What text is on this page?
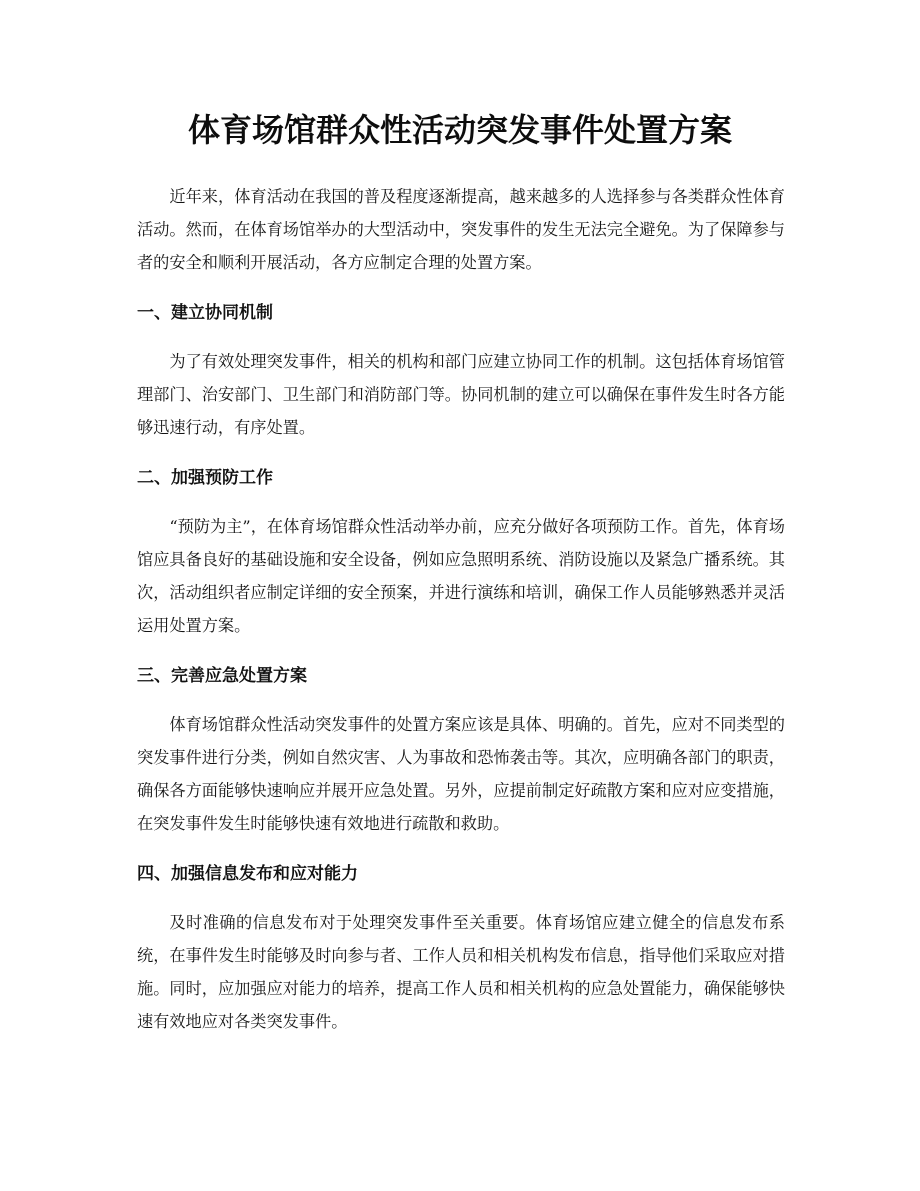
体育场馆群众性活动突发事件处置方案

近年来，体育活动在我国的普及程度逐渐提高，越来越多的人选择参与各类群众性体育活动。然而，在体育场馆举办的大型活动中，突发事件的发生无法完全避免。为了保障参与者的安全和顺利开展活动，各方应制定合理的处置方案。

一、建立协同机制

为了有效处理突发事件，相关的机构和部门应建立协同工作的机制。这包括体育场馆管理部门、治安部门、卫生部门和消防部门等。协同机制的建立可以确保在事件发生时各方能够迅速行动，有序处置。

二、加强预防工作

“预防为主”，在体育场馆群众性活动举办前，应充分做好各项预防工作。首先，体育场馆应具备良好的基础设施和安全设备，例如应急照明系统、消防设施以及紧急广播系统。其次，活动组织者应制定详细的安全预案，并进行演练和培训，确保工作人员能够熟悉并灵活运用处置方案。

三、完善应急处置方案

体育场馆群众性活动突发事件的处置方案应该是具体、明确的。首先，应对不同类型的突发事件进行分类，例如自然灾害、人为事故和恐怖袭击等。其次，应明确各部门的职责，确保各方面能够快速响应并展开应急处置。另外，应提前制定好疏散方案和应对应变措施，在突发事件发生时能够快速有效地进行疏散和救助。

四、加强信息发布和应对能力

及时准确的信息发布对于处理突发事件至关重要。体育场馆应建立健全的信息发布系统，在事件发生时能够及时向参与者、工作人员和相关机构发布信息，指导他们采取应对措施。同时，应加强应对能力的培养，提高工作人员和相关机构的应急处置能力，确保能够快速有效地应对各类突发事件。
